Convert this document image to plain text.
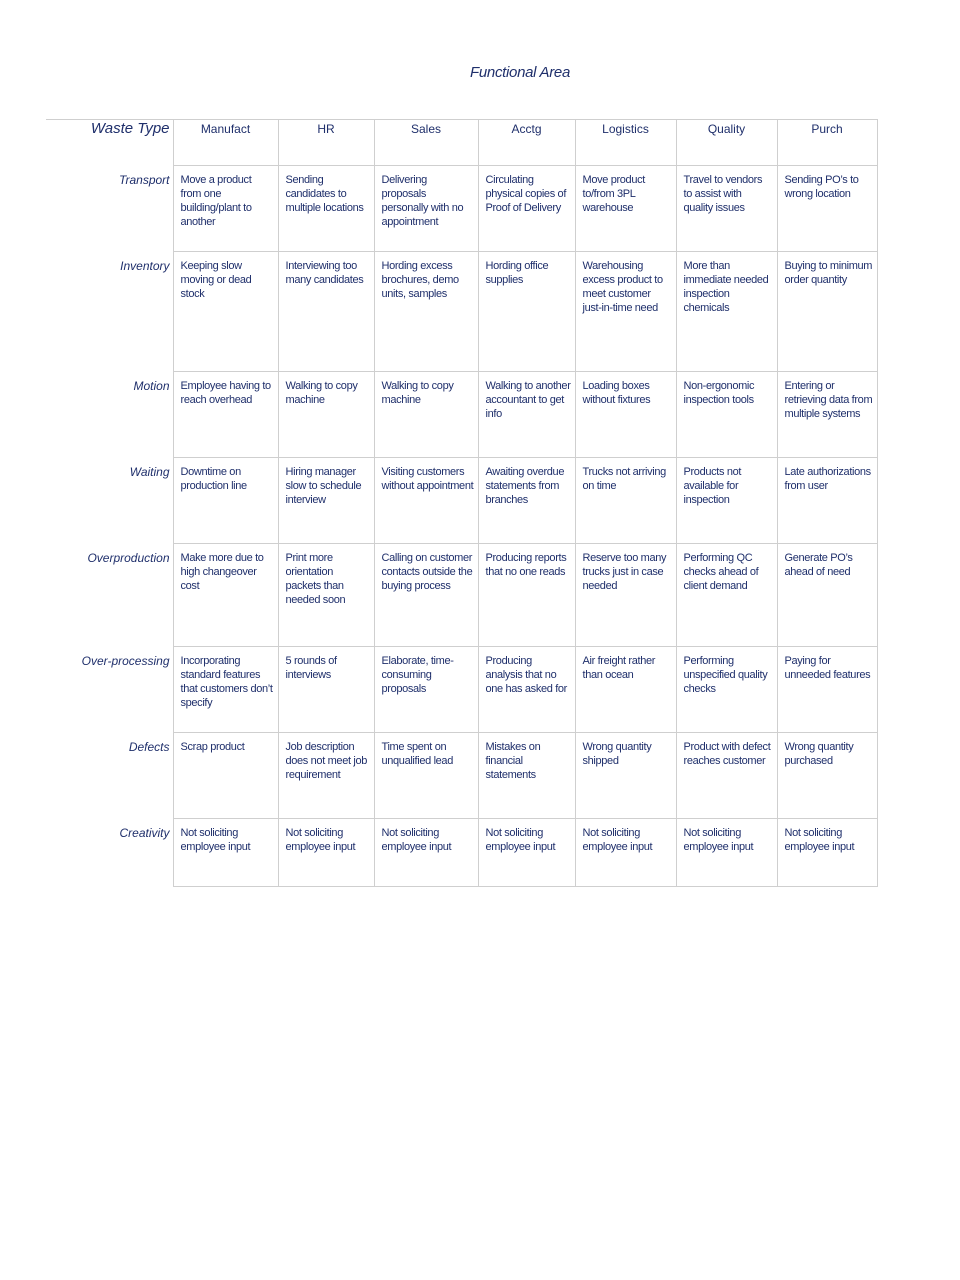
Functional Area
Waste Type	Manufact	HR	Sales	Acctg	Logistics	Quality	Purch
Transport	Move a product from one building/plant to another	Sending candidates to multiple locations	Delivering proposals personally with no appointment	Circulating physical copies of Proof of Delivery	Move product to/from 3PL warehouse	Travel to vendors to assist with quality issues	Sending PO’s to wrong location
Inventory	Keeping slow moving or dead stock	Interviewing too many candidates	Hording excess brochures, demo units, samples	Hording office supplies	Warehousing excess product to meet customer just-in-time need	More than immediate needed inspection chemicals	Buying to minimum order quantity
Motion	Employee having to reach overhead	Walking to copy machine	Walking to copy machine	Walking to another accountant to get info	Loading boxes without fixtures	Non-ergonomic inspection tools	Entering or retrieving data from multiple systems
Waiting	Downtime on production line	Hiring manager slow to schedule interview	Visiting customers without appointment	Awaiting overdue statements from branches	Trucks not arriving on time	Products not available for inspection	Late authorizations from user
Overproduction	Make more due to high changeover cost	Print more orientation packets than needed soon	Calling on customer contacts outside the buying process	Producing reports that no one reads	Reserve too many trucks just in case needed	Performing QC checks ahead of client demand	Generate PO’s ahead of need
Over-processing	Incorporating standard features that customers don’t specify	5 rounds of interviews	Elaborate, time-consuming proposals	Producing analysis that no one has asked for	Air freight rather than ocean	Performing unspecified quality checks	Paying for unneeded features
Defects	Scrap product	Job description does not meet job requirement	Time spent on unqualified lead	Mistakes on financial statements	Wrong quantity shipped	Product with defect reaches customer	Wrong quantity purchased
Creativity	Not soliciting employee input	Not soliciting employee input	Not soliciting employee input	Not soliciting employee input	Not soliciting employee input	Not soliciting employee input	Not soliciting employee input
